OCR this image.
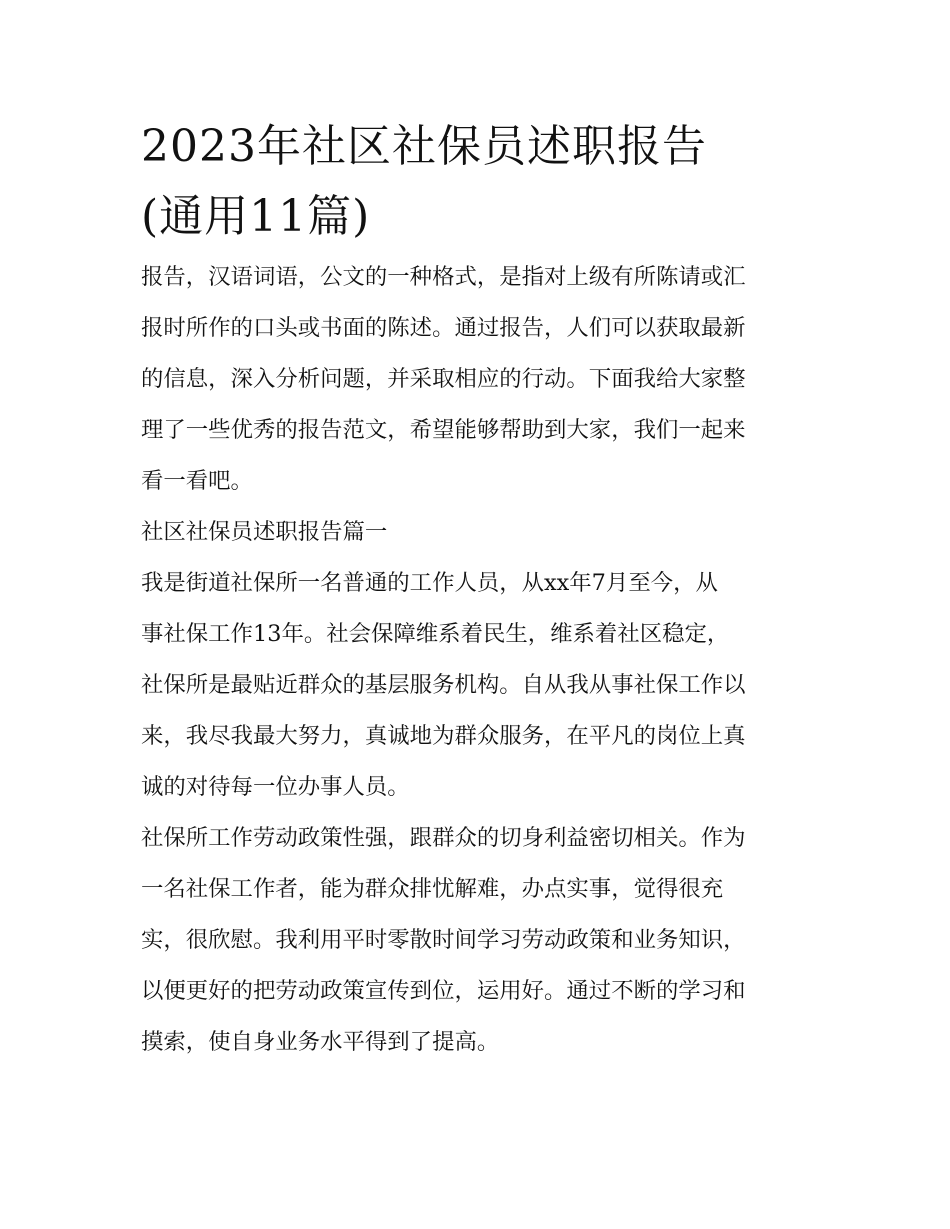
2023年社区社保员述职报告
(通用11篇)
报告，汉语词语，公文的一种格式，是指对上级有所陈请或汇
报时所作的口头或书面的陈述。通过报告，人们可以获取最新
的信息，深入分析问题，并采取相应的行动。下面我给大家整
理了一些优秀的报告范文，希望能够帮助到大家，我们一起来
看一看吧。
社区社保员述职报告篇一
我是街道社保所一名普通的工作人员，从xx年7月至今，从
事社保工作13年。社会保障维系着民生，维系着社区稳定，
社保所是最贴近群众的基层服务机构。自从我从事社保工作以
来，我尽我最大努力，真诚地为群众服务，在平凡的岗位上真
诚的对待每一位办事人员。
社保所工作劳动政策性强，跟群众的切身利益密切相关。作为
一名社保工作者，能为群众排忧解难，办点实事，觉得很充
实，很欣慰。我利用平时零散时间学习劳动政策和业务知识，
以便更好的把劳动政策宣传到位，运用好。通过不断的学习和
摸索，使自身业务水平得到了提高。
